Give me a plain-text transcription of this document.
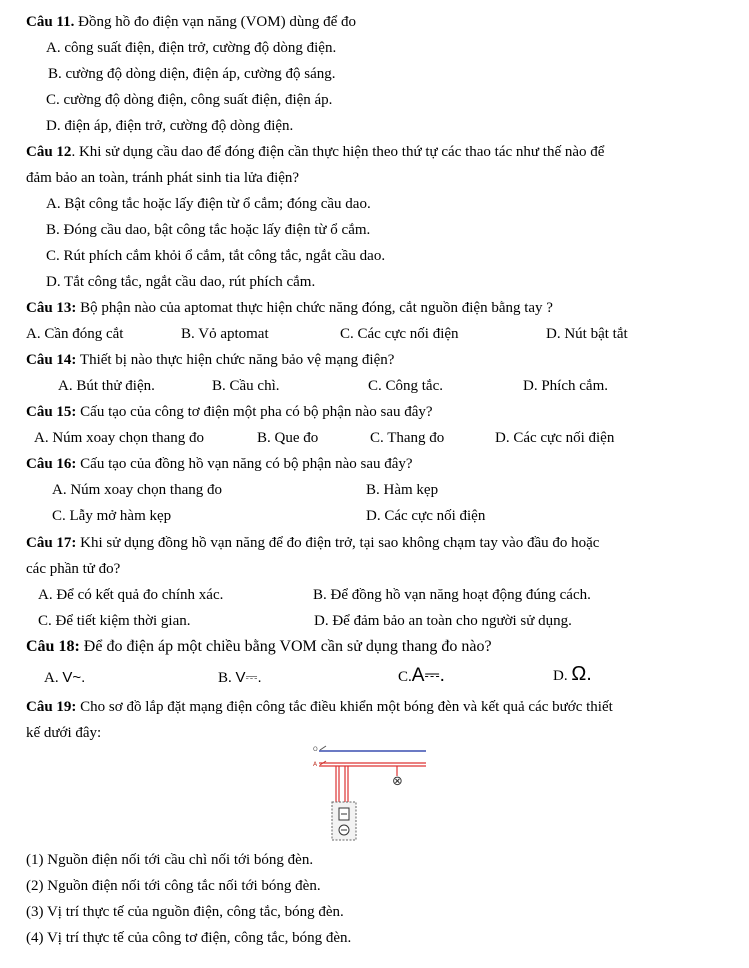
Câu 11. Đồng hồ đo điện vạn năng (VOM) dùng để đo
A. công suất điện, điện trở, cường độ dòng điện.
B. cường độ dòng diện, điện áp, cường độ sáng.
C. cường độ dòng điện, công suất điện, điện áp.
D. điện áp, điện trở, cường độ dòng điện.
Câu 12. Khi sử dụng cầu dao để đóng điện cần thực hiện theo thứ tự các thao tác như thế nào để
đảm bảo an toàn, tránh phát sinh tia lửa điện?
A. Bật công tắc hoặc lấy điện từ ổ cắm; đóng cầu dao.
B. Đóng cầu dao, bật công tắc hoặc lấy điện từ ổ cắm.
C. Rút phích cắm khỏi ổ cắm, tắt công tắc, ngắt cầu dao.
D. Tắt công tắc, ngắt cầu dao, rút phích cắm.
Câu 13: Bộ phận nào của aptomat thực hiện chức năng đóng, cắt nguồn điện bằng tay ?
A. Cần đóng cắt	B. Vỏ aptomat	C. Các cực nối điện	D. Nút bật tắt
Câu 14: Thiết bị nào thực hiện chức năng bảo vệ mạng điện?
A. Bút thử điện.	B. Cầu chì.	C. Công tắc.	D. Phích cắm.
Câu 15: Cấu tạo của công tơ điện một pha có bộ phận nào sau đây?
A. Núm xoay chọn thang đo	B. Que đo	C. Thang đo	D. Các cực nối điện
Câu 16: Cấu tạo của đồng hồ vạn năng có bộ phận nào sau đây?
A. Núm xoay chọn thang đo	B. Hàm kẹp
C. Lẫy mở hàm kẹp	D. Các cực nối điện
Câu 17: Khi sử dụng đồng hồ vạn năng để đo điện trở, tại sao không chạm tay vào đầu đo hoặc
các phần tử đo?
A. Để có kết quả đo chính xác.	B. Để đồng hồ vạn năng hoạt động đúng cách.
C. Để tiết kiệm thời gian.	D. Để đảm bảo an toàn cho người sử dụng.
Câu 18: Để đo điện áp một chiều bằng VOM cần sử dụng thang đo nào?
A. V~.	B. V⎓.	C.A⎓.	D. Ω.
Câu 19: Cho sơ đồ lắp đặt mạng điện công tắc điều khiển một bóng đèn và kết quả các bước thiết
kế dưới đây:
O
A
⊗
(1) Nguồn điện nối tới cầu chì nối tới bóng đèn.
(2) Nguồn điện nối tới công tắc nối tới bóng đèn.
(3) Vị trí thực tế của nguồn điện, công tắc, bóng đèn.
(4) Vị trí thực tế của công tơ điện, công tắc, bóng đèn.
